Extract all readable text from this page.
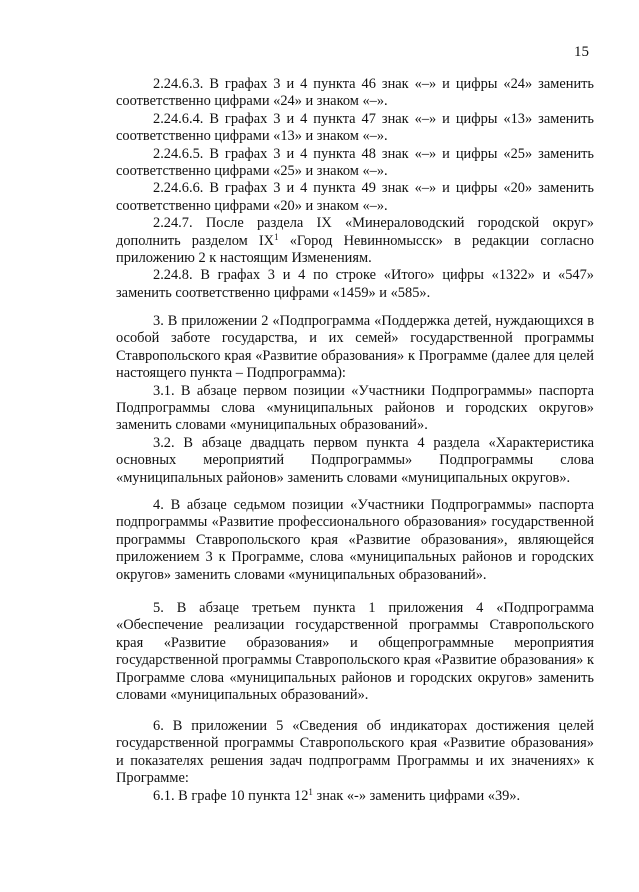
15

2.24.6.3. В графах 3 и 4 пункта 46 знак «–» и цифры «24» заменить соответственно цифрами «24» и знаком «–».

2.24.6.4. В графах 3 и 4 пункта 47 знак «–» и цифры «13» заменить соответственно цифрами «13» и знаком «–».

2.24.6.5. В графах 3 и 4 пункта 48 знак «–» и цифры «25» заменить соответственно цифрами «25» и знаком «–».

2.24.6.6. В графах 3 и 4 пункта 49 знак «–» и цифры «20» заменить соответственно цифрами «20» и знаком «–».

2.24.7. После раздела IX «Минераловодский городской округ» дополнить разделом $IX^1$ «Город Невинномысск» в редакции согласно приложению 2 к настоящим Изменениям.

2.24.8. В графах 3 и 4 по строке «Итого» цифры «1322» и «547» заменить соответственно цифрами «1459» и «585».

3. В приложении 2 «Подпрограмма «Поддержка детей, нуждающихся в особой заботе государства, и их семей» государственной программы Ставропольского края «Развитие образования» к Программе (далее для целей настоящего пункта – Подпрограмма):

3.1. В абзаце первом позиции «Участники Подпрограммы» паспорта Подпрограммы слова «муниципальных районов и городских округов» заменить словами «муниципальных образований».

3.2. В абзаце двадцать первом пункта 4 раздела «Характеристика основных мероприятий Подпрограммы» Подпрограммы слова «муниципальных районов» заменить словами «муниципальных округов».

4. В абзаце седьмом позиции «Участники Подпрограммы» паспорта подпрограммы «Развитие профессионального образования» государственной программы Ставропольского края «Развитие образования», являющейся приложением 3 к Программе, слова «муниципальных районов и городских округов» заменить словами «муниципальных образований».

5. В абзаце третьем пункта 1 приложения 4 «Подпрограмма «Обеспечение реализации государственной программы Ставропольского края «Развитие образования» и общепрограммные мероприятия государственной программы Ставропольского края «Развитие образования» к Программе слова «муниципальных районов и городских округов» заменить словами «муниципальных образований».

6. В приложении 5 «Сведения об индикаторах достижения целей государственной программы Ставропольского края «Развитие образования» и показателях решения задач подпрограмм Программы и их значениях» к Программе:

6.1. В графе 10 пункта $12^1$ знак «-» заменить цифрами «39».
